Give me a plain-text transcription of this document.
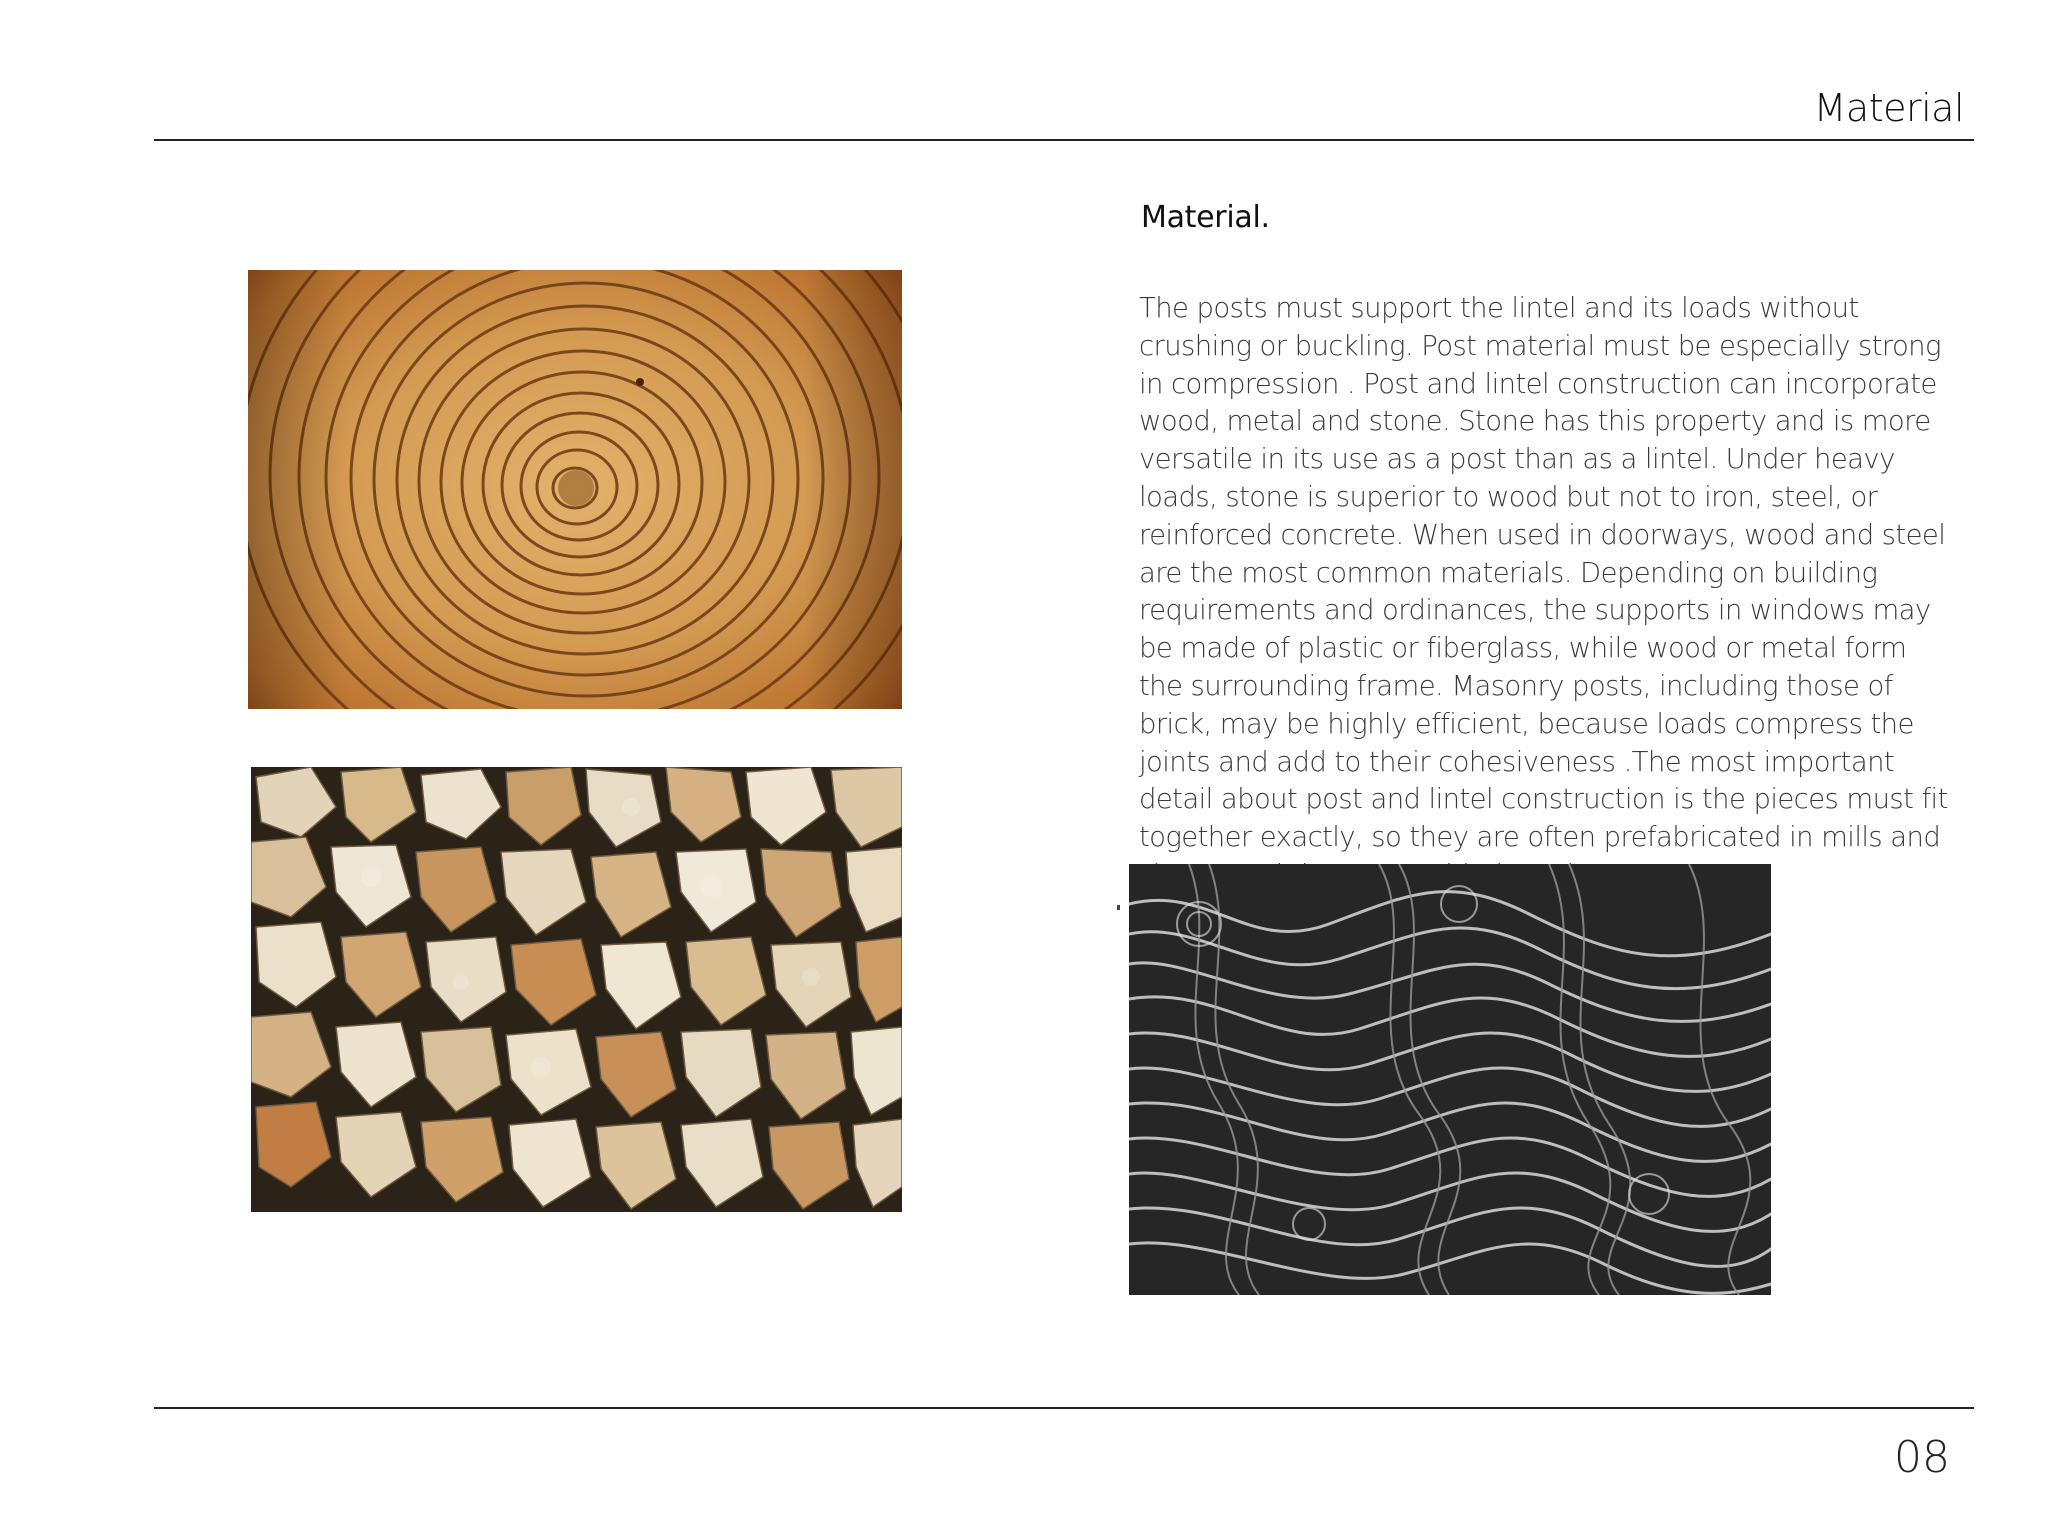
Material
Material.
The posts must support the lintel and its loads without crushing or buckling. Post material must be especially strong in compression . Post and lintel construction can incorporate wood, metal and stone. Stone has this property and is more versatile in its use as a post than as a lintel. Under heavy loads, stone is superior to wood but not to iron, steel, or reinforced concrete. When used in doorways, wood and steel are the most common materials. Depending on building requirements and ordinances, the supports in windows may be made of plastic or fiberglass, while wood or metal form the surrounding frame. Masonry posts, including those of brick, may be highly efficient, because loads compress the joints and add to their cohesiveness .The most important detail about post and lintel construction is the pieces must fit together exactly, so they are often prefabricated in mills and
08
